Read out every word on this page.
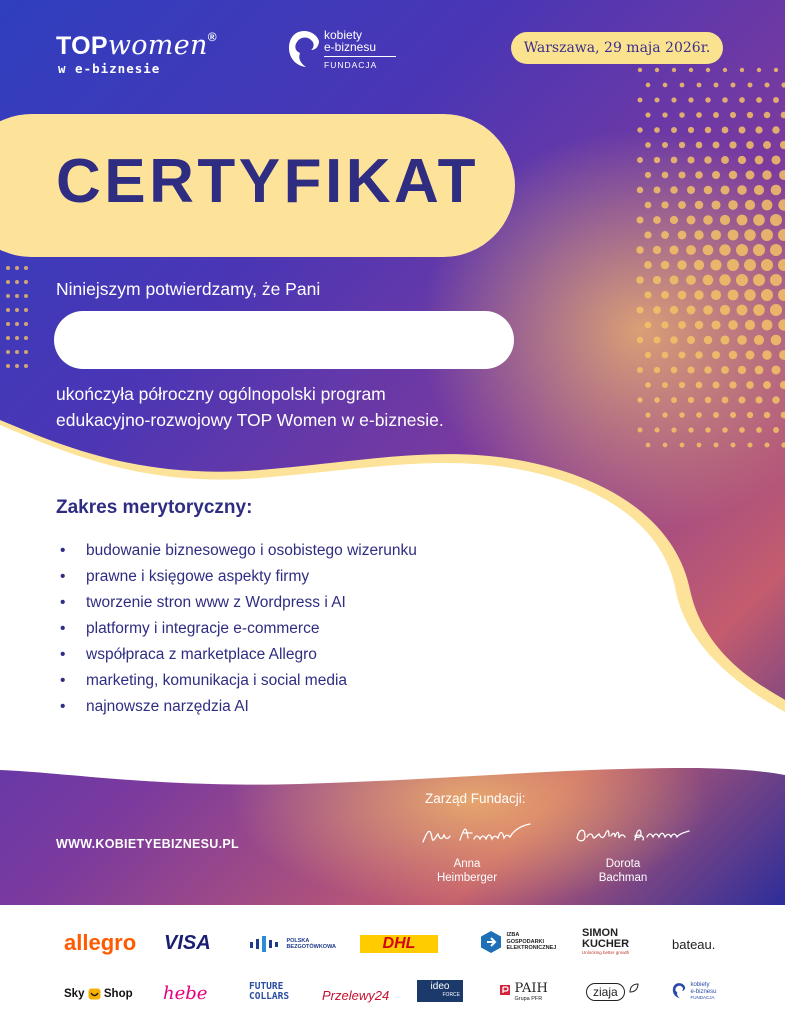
TOPwomen®
w e-biznesie
kobiety
e-biznesu
FUNDACJA
Warszawa, 29 maja 2026r.
CERTYFIKAT
Niniejszym potwierdzamy, że Pani
ukończyła półroczny ogólnopolski program
edukacyjno-rozwojowy TOP Women w e-biznesie.
Zakres merytoryczny:
• budowanie biznesowego i osobistego wizerunku
• prawne i księgowe aspekty firmy
• tworzenie stron www z Wordpress i AI
• platformy i integracje e-commerce
• współpraca z marketplace Allegro
• marketing, komunikacja i social media
• najnowsze narzędzia AI
WWW.KOBIETYEBIZNESU.PL
Zarząd Fundacji:
Anna
Heimberger
Dorota
Bachman
allegro VISA
	POLSKA
BEZGOTÓWKOWA	DHL
	IZBA
GOSPODARKI
ELEKTRONICZNEJ
SIMON
KUCHER
Unlocking better growth
bateau.
Sky Shop hebe	FUTURE
COLLARS	Przelewy24
ideo
FORCE
	PAIH
Grupa PFR	ziaja
	kobiety
e-biznesu
FUNDACJA
